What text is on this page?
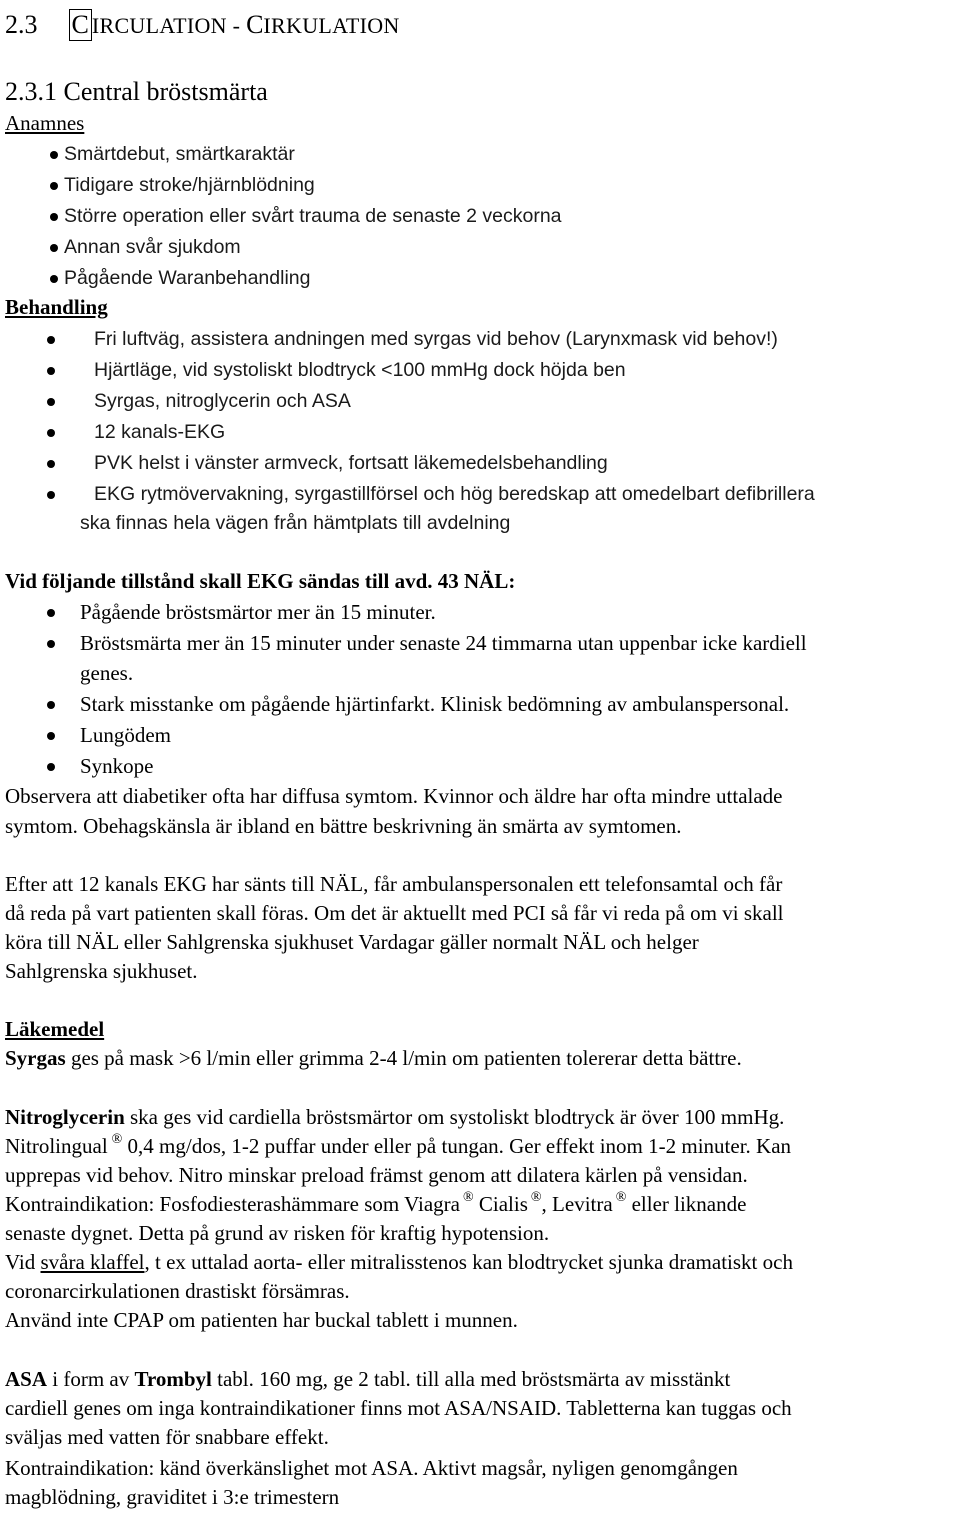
2.3 C IRCULATION - CIRKULATION
2.3.1 Central bröstsmärta
Anamnes
Smärtdebut, smärtkaraktär
Tidigare stroke/hjärnblödning
Större operation eller svårt trauma de senaste 2 veckorna
Annan svår sjukdom
Pågående Waranbehandling
Behandling
Fri luftväg, assistera andningen med syrgas vid behov (Larynxmask vid behov!)
Hjärtläge, vid systoliskt blodtryck <100 mmHg dock höjda ben
Syrgas, nitroglycerin och ASA
12 kanals-EKG
PVK helst i vänster armveck, fortsatt läkemedelsbehandling
EKG rytmövervakning, syrgastillförsel och hög beredskap att omedelbart defibrillera
ska finnas hela vägen från hämtplats till avdelning
Vid följande tillstånd skall EKG sändas till avd. 43 NÄL:
Pågående bröstsmärtor mer än 15 minuter.
Bröstsmärta mer än 15 minuter under senaste 24 timmarna utan uppenbar icke kardiell
genes.
Stark misstanke om pågående hjärtinfarkt. Klinisk bedömning av ambulanspersonal.
Lungödem
Synkope
Observera att diabetiker ofta har diffusa symtom. Kvinnor och äldre har ofta mindre uttalade
symtom. Obehagskänsla är ibland en bättre beskrivning än smärta av symtomen.
Efter att 12 kanals EKG har sänts till NÄL, får ambulanspersonalen ett telefonsamtal och får
då reda på vart patienten skall föras. Om det är aktuellt med PCI så får vi reda på om vi skall
köra till NÄL eller Sahlgrenska sjukhuset Vardagar gäller normalt NÄL och helger
Sahlgrenska sjukhuset.
Läkemedel
Syrgas ges på mask >6 l/min eller grimma 2-4 l/min om patienten tolererar detta bättre.
Nitroglycerin ska ges vid cardiella bröstsmärtor om systoliskt blodtryck är över 100 mmHg.
Nitrolingual ® 0,4 mg/dos, 1-2 puffar under eller på tungan. Ger effekt inom 1-2 minuter. Kan
upprepas vid behov. Nitro minskar preload främst genom att dilatera kärlen på vensidan.
Kontraindikation: Fosfodiesterashämmare som Viagra ® Cialis ®, Levitra ® eller liknande
senaste dygnet. Detta på grund av risken för kraftig hypotension.
Vid svåra klaffel, t ex uttalad aorta- eller mitralisstenos kan blodtrycket sjunka dramatiskt och
coronarcirkulationen drastiskt försämras.
Använd inte CPAP om patienten har buckal tablett i munnen.
ASA i form av Trombyl tabl. 160 mg, ge 2 tabl. till alla med bröstsmärta av misstänkt
cardiell genes om inga kontraindikationer finns mot ASA/NSAID. Tabletterna kan tuggas och
sväljas med vatten för snabbare effekt.
Kontraindikation: känd överkänslighet mot ASA. Aktivt magsår, nyligen genomgången
magblödning, graviditet i 3:e trimestern
